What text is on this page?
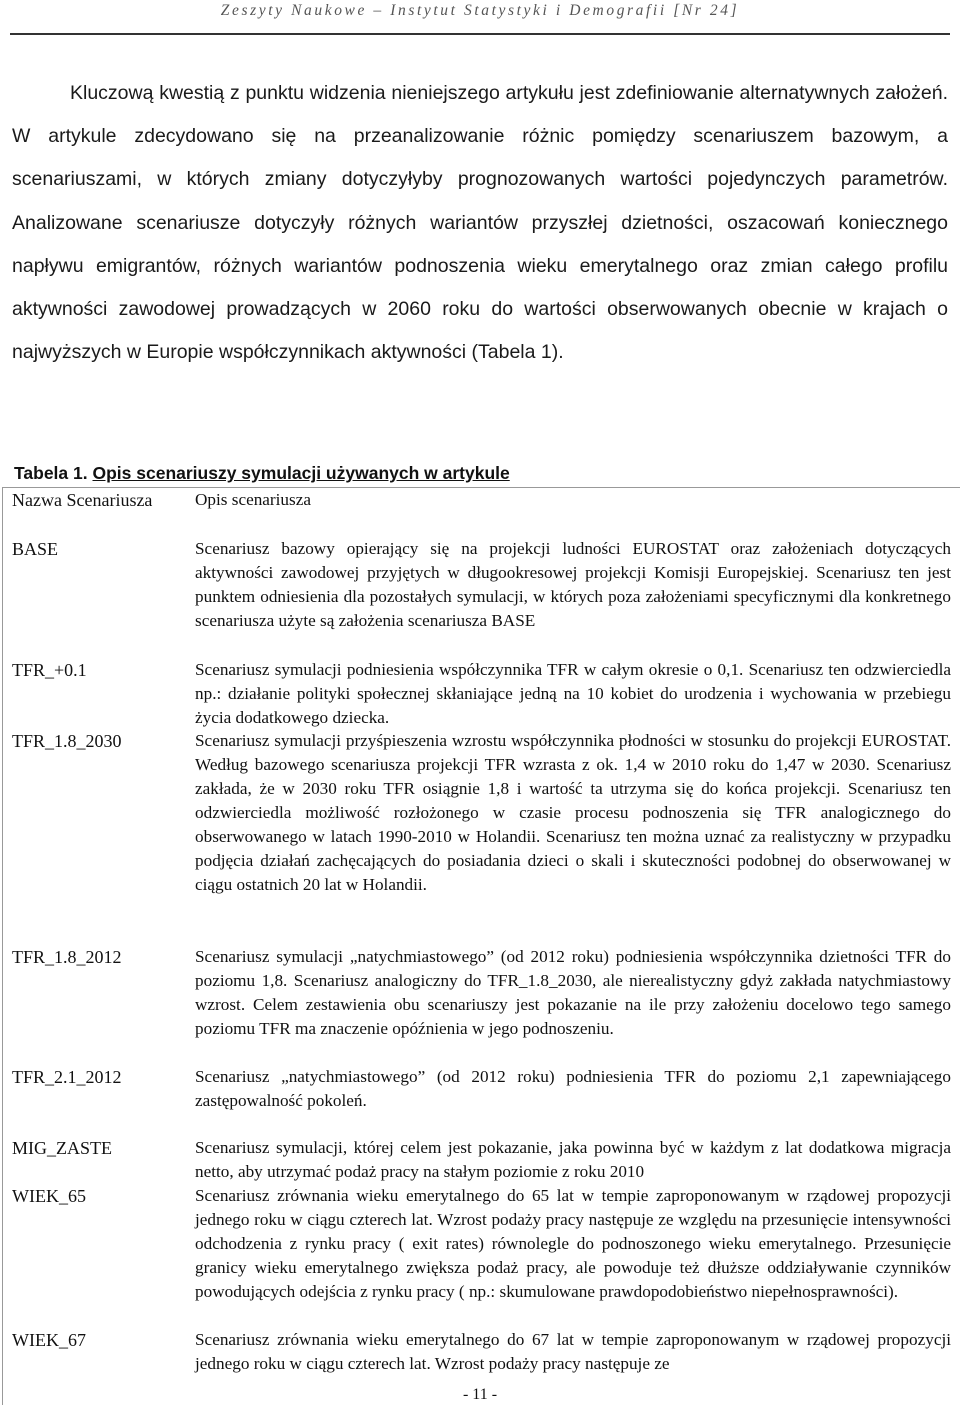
Zeszyty Naukowe – Instytut Statystyki i Demografii [Nr 24]

Kluczową kwestią z punktu widzenia nieniejszego artykułu jest zdefiniowanie alternatywnych założeń. W artykule zdecydowano się na przeanalizowanie różnic pomiędzy scenariuszem bazowym, a scenariuszami, w których zmiany dotyczyłyby prognozowanych wartości pojedynczych parametrów. Analizowane scenariusze dotyczyły różnych wariantów przyszłej dzietności, oszacowań koniecznego napływu emigrantów, różnych wariantów podnoszenia wieku emerytalnego oraz zmian całego profilu aktywności zawodowej prowadzących w 2060 roku do wartości obserwowanych obecnie w krajach o najwyższych w Europie współczynnikach aktywności (Tabela 1).

Tabela 1. Opis scenariuszy symulacji używanych w artykule
Nazwa Scenariusza	Opis scenariusza
BASE	Scenariusz bazowy opierający się na projekcji ludności EUROSTAT oraz założeniach dotyczących aktywności zawodowej przyjętych w długookresowej projekcji Komisji Europejskiej. Scenariusz ten jest punktem odniesienia dla pozostałych symulacji, w których poza założeniami specyficznymi dla konkretnego scenariusza użyte są założenia scenariusza BASE

TFR_+0.1	Scenariusz symulacji podniesienia współczynnika TFR w całym okresie o 0,1. Scenariusz ten odzwierciedla np.: działanie polityki społecznej skłaniające jedną na 10 kobiet do urodzenia i wychowania w przebiegu życia dodatkowego dziecka.

TFR_1.8_2030	Scenariusz symulacji przyśpieszenia wzrostu współczynnika płodności w stosunku do projekcji EUROSTAT. Według bazowego scenariusza projekcji TFR wzrasta z ok. 1,4 w 2010 roku do 1,47 w 2030. Scenariusz zakłada, że w 2030 roku TFR osiągnie 1,8 i wartość ta utrzyma się do końca projekcji. Scenariusz ten odzwierciedla możliwość rozłożonego w czasie procesu podnoszenia się TFR analogicznego do obserwowanego w latach 1990-2010 w Holandii. Scenariusz ten można uznać za realistyczny w przypadku podjęcia działań zachęcających do posiadania dzieci o skali i skuteczności podobnej do obserwowanej w ciągu ostatnich 20 lat w Holandii.

TFR_1.8_2012	Scenariusz symulacji „natychmiastowego” (od 2012 roku) podniesienia współczynnika dzietności TFR do poziomu 1,8. Scenariusz analogiczny do TFR_1.8_2030, ale nierealistyczny gdyż zakłada natychmiastowy wzrost. Celem zestawienia obu scenariuszy jest pokazanie na ile przy założeniu docelowo tego samego poziomu TFR ma znaczenie opóźnienia w jego podnoszeniu.

TFR_2.1_2012	Scenariusz „natychmiastowego” (od 2012 roku) podniesienia TFR do poziomu 2,1 zapewniającego zastępowalność pokoleń.

MIG_ZASTE	Scenariusz symulacji, której celem jest pokazanie, jaka powinna być w każdym z lat dodatkowa migracja netto, aby utrzymać podaż pracy na stałym poziomie z roku 2010

WIEK_65	Scenariusz zrównania wieku emerytalnego do 65 lat w tempie zaproponowanym w rządowej propozycji jednego roku w ciągu czterech lat. Wzrost podaży pracy następuje ze względu na przesunięcie intensywności odchodzenia z rynku pracy ( exit rates) równolegle do podnoszonego wieku emerytalnego. Przesunięcie granicy wieku emerytalnego zwiększa podaż pracy, ale powoduje też dłuższe oddziaływanie czynników powodujących odejścia z rynku pracy ( np.: skumulowane prawdopodobieństwo niepełnosprawności).

WIEK_67	Scenariusz zrównania wieku emerytalnego do 67 lat w tempie zaproponowanym w rządowej propozycji jednego roku w ciągu czterech lat. Wzrost podaży pracy następuje ze

- 11 -
